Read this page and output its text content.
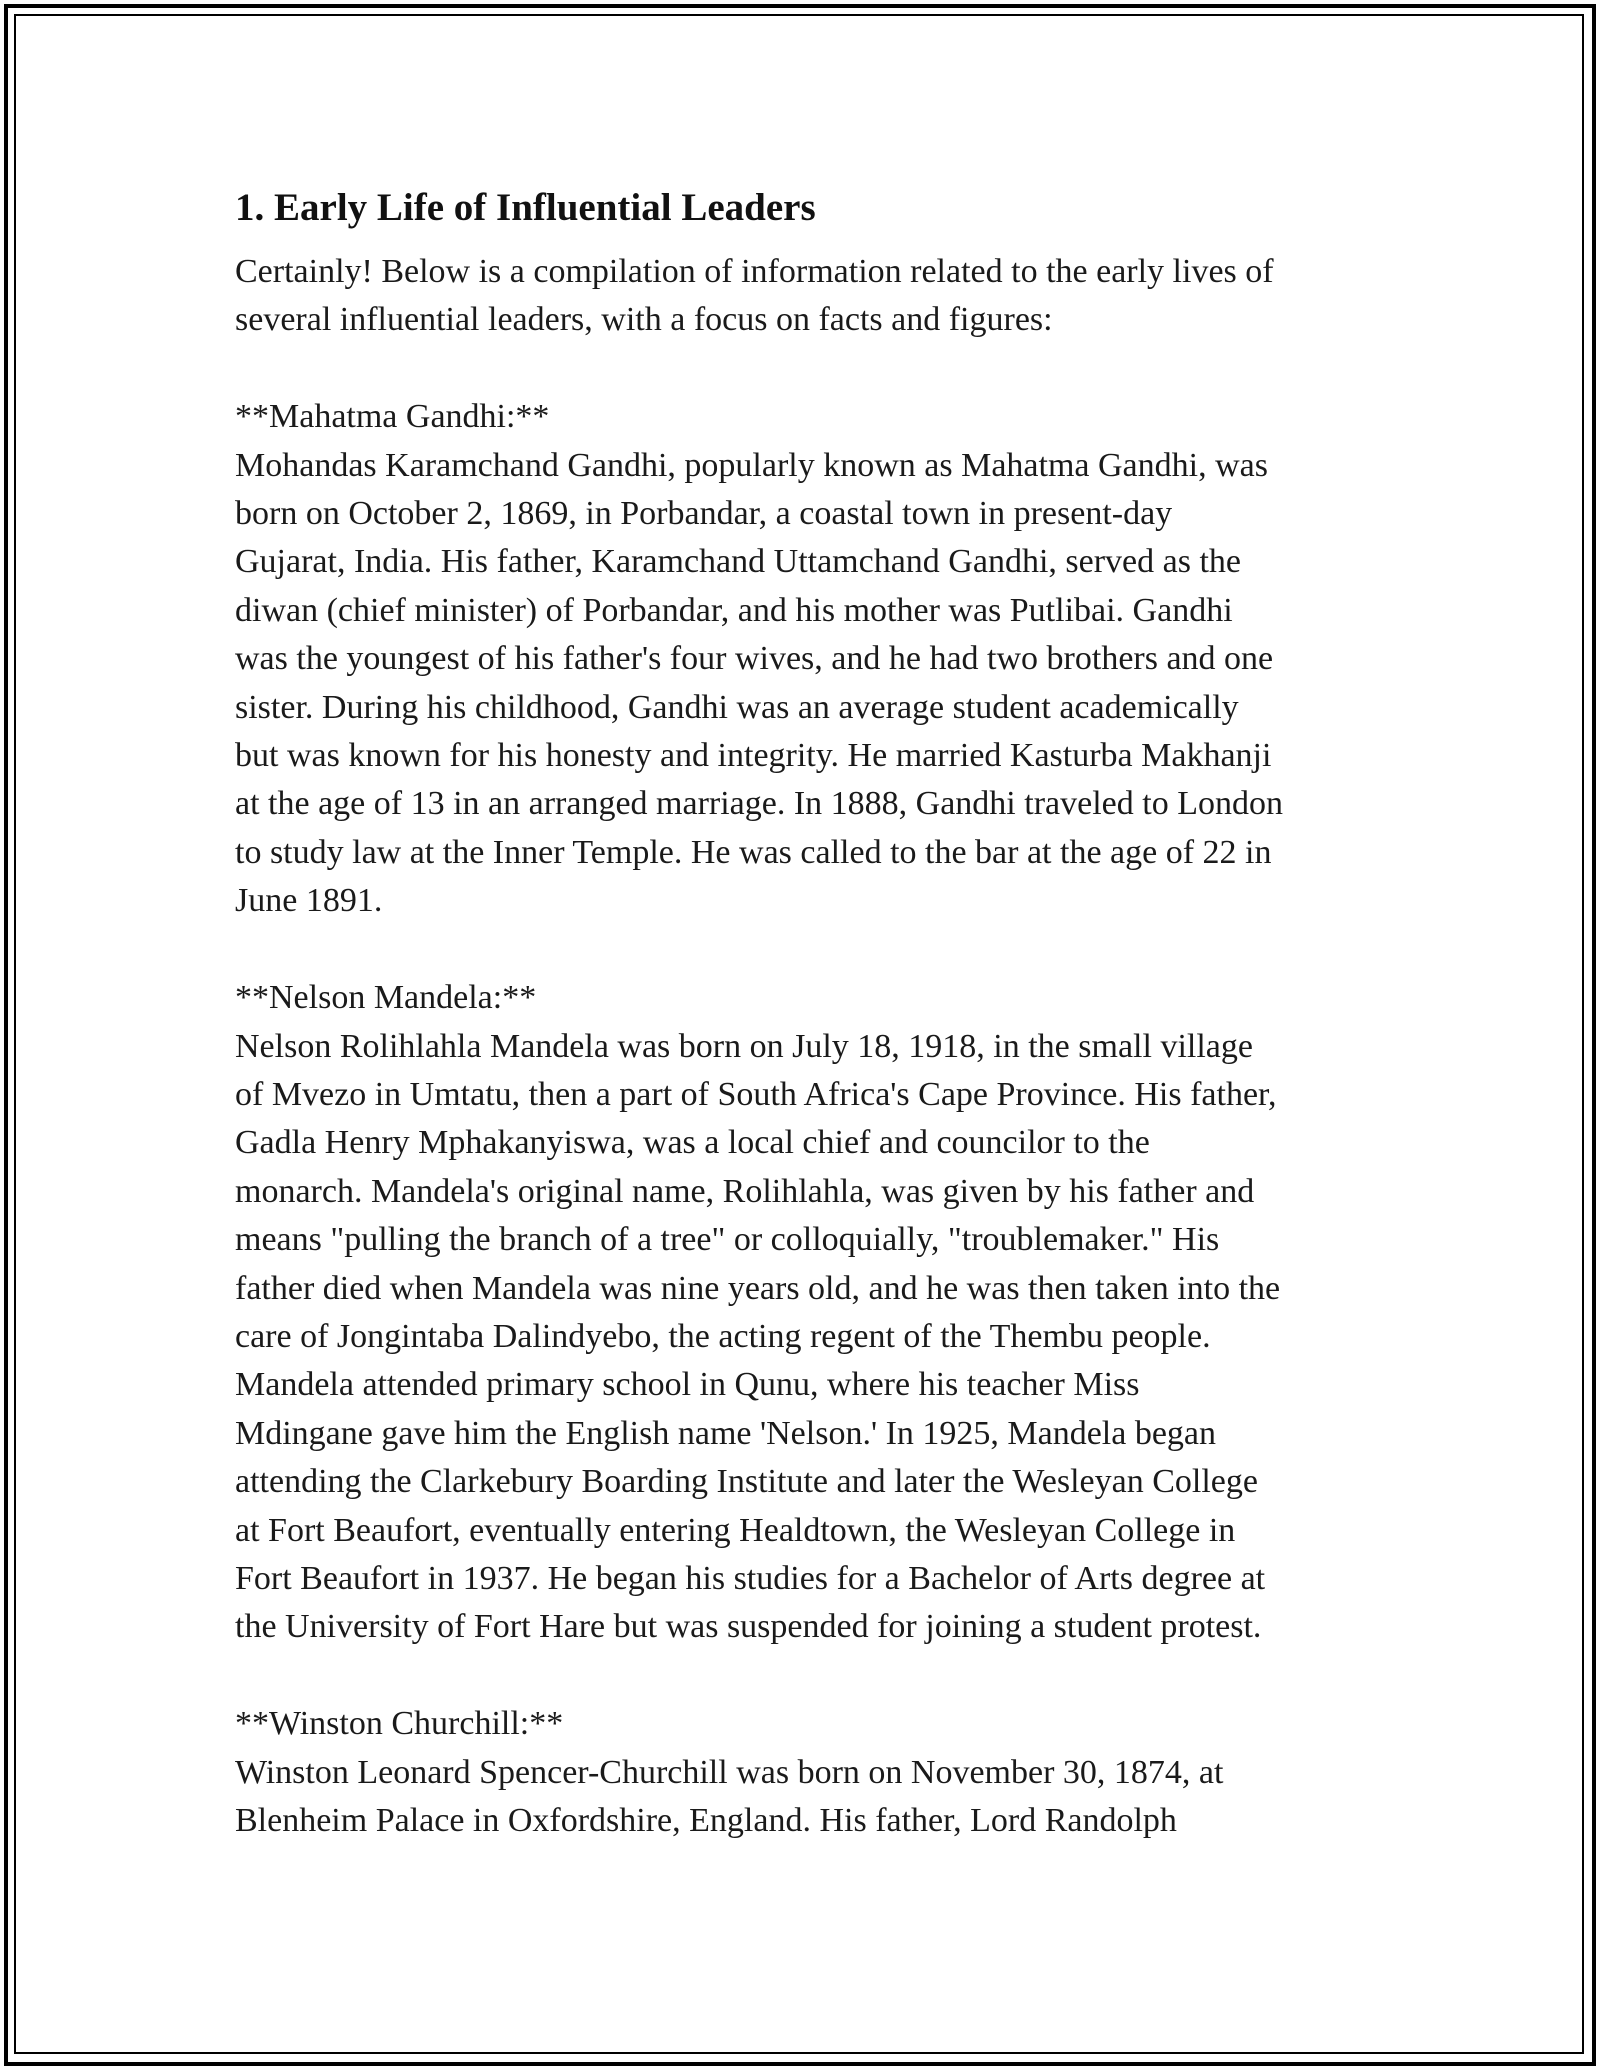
1. Early Life of Influential Leaders
Certainly! Below is a compilation of information related to the early lives of
several influential leaders, with a focus on facts and figures:

**Mahatma Gandhi:**
Mohandas Karamchand Gandhi, popularly known as Mahatma Gandhi, was
born on October 2, 1869, in Porbandar, a coastal town in present-day
Gujarat, India. His father, Karamchand Uttamchand Gandhi, served as the
diwan (chief minister) of Porbandar, and his mother was Putlibai. Gandhi
was the youngest of his father's four wives, and he had two brothers and one
sister. During his childhood, Gandhi was an average student academically
but was known for his honesty and integrity. He married Kasturba Makhanji
at the age of 13 in an arranged marriage. In 1888, Gandhi traveled to London
to study law at the Inner Temple. He was called to the bar at the age of 22 in
June 1891.

**Nelson Mandela:**
Nelson Rolihlahla Mandela was born on July 18, 1918, in the small village
of Mvezo in Umtatu, then a part of South Africa's Cape Province. His father,
Gadla Henry Mphakanyiswa, was a local chief and councilor to the
monarch. Mandela's original name, Rolihlahla, was given by his father and
means "pulling the branch of a tree" or colloquially, "troublemaker." His
father died when Mandela was nine years old, and he was then taken into the
care of Jongintaba Dalindyebo, the acting regent of the Thembu people.
Mandela attended primary school in Qunu, where his teacher Miss
Mdingane gave him the English name 'Nelson.' In 1925, Mandela began
attending the Clarkebury Boarding Institute and later the Wesleyan College
at Fort Beaufort, eventually entering Healdtown, the Wesleyan College in
Fort Beaufort in 1937. He began his studies for a Bachelor of Arts degree at
the University of Fort Hare but was suspended for joining a student protest.

**Winston Churchill:**
Winston Leonard Spencer-Churchill was born on November 30, 1874, at
Blenheim Palace in Oxfordshire, England. His father, Lord Randolph
